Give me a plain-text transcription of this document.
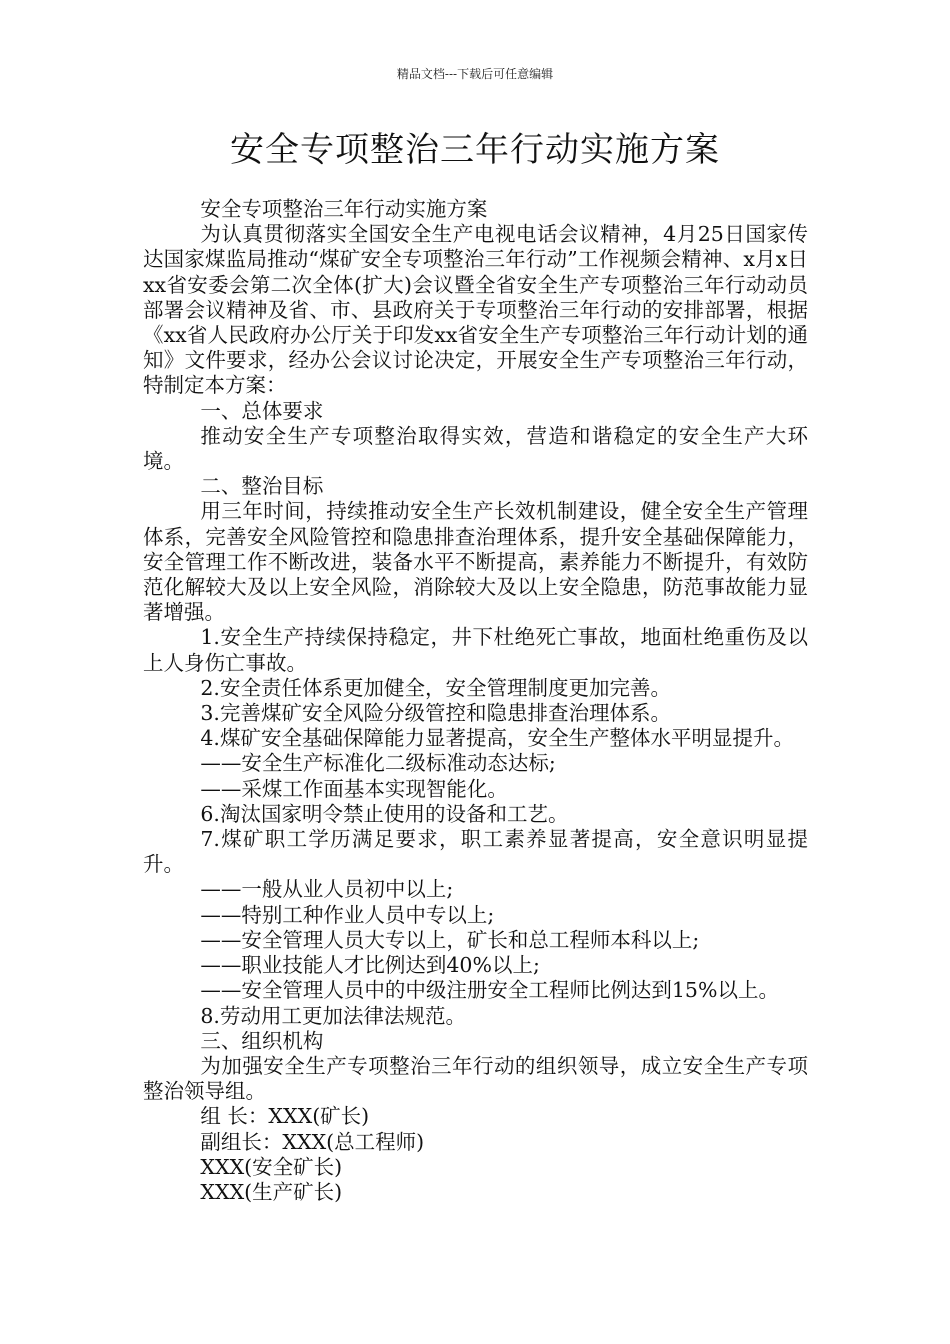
精品文档---下载后可任意编辑
安全专项整治三年行动实施方案

安全专项整治三年行动实施方案

为认真贯彻落实全国安全生产电视电话会议精神，4月25日国家传达国家煤监局推动“煤矿安全专项整治三年行动”工作视频会精神、x月x日xx省安委会第二次全体(扩大)会议暨全省安全生产专项整治三年行动动员部署会议精神及省、市、县政府关于专项整治三年行动的安排部署，根据《xx省人民政府办公厅关于印发xx省安全生产专项整治三年行动计划的通知》文件要求，经办公会议讨论决定，开展安全生产专项整治三年行动，特制定本方案：

一、总体要求

推动安全生产专项整治取得实效，营造和谐稳定的安全生产大环境。

二、整治目标

用三年时间，持续推动安全生产长效机制建设，健全安全生产管理体系，完善安全风险管控和隐患排查治理体系，提升安全基础保障能力，安全管理工作不断改进，装备水平不断提高，素养能力不断提升，有效防范化解较大及以上安全风险，消除较大及以上安全隐患，防范事故能力显著增强。

1.安全生产持续保持稳定，井下杜绝死亡事故，地面杜绝重伤及以上人身伤亡事故。

2.安全责任体系更加健全，安全管理制度更加完善。

3.完善煤矿安全风险分级管控和隐患排查治理体系。

4.煤矿安全基础保障能力显著提高，安全生产整体水平明显提升。

——安全生产标准化二级标准动态达标;

——采煤工作面基本实现智能化。

6.淘汰国家明令禁止使用的设备和工艺。

7.煤矿职工学历满足要求，职工素养显著提高，安全意识明显提升。

——一般从业人员初中以上;

——特别工种作业人员中专以上;

——安全管理人员大专以上，矿长和总工程师本科以上;

——职业技能人才比例达到40%以上;

——安全管理人员中的中级注册安全工程师比例达到15%以上。

8.劳动用工更加法律法规范。

三、组织机构

为加强安全生产专项整治三年行动的组织领导，成立安全生产专项整治领导组。

组 长：XXX(矿长)

副组长：XXX(总工程师)

XXX(安全矿长)

XXX(生产矿长)
